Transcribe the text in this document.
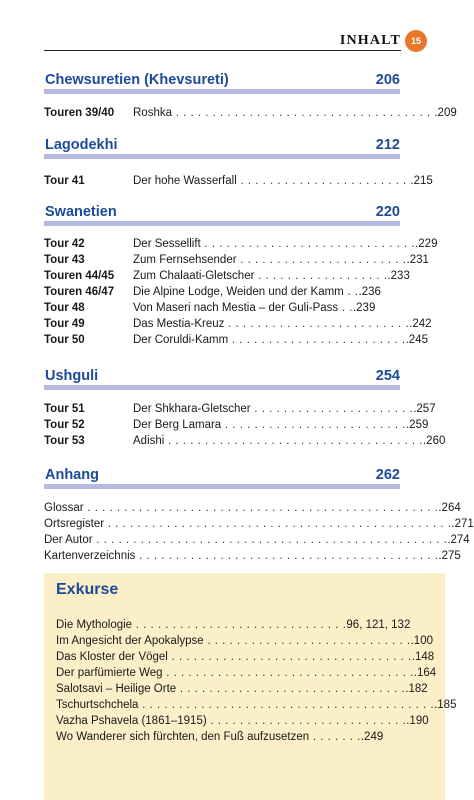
INHALT	15
Chewsuretien (Khevsureti)	206
Touren 39/40 Roshka . . . . . . . . . . . . . . . . . . . . . . . . . . . . . . . . . . . .209
Lagodekhi	212
Tour 41	Der hohe Wasserfall . . . . . . . . . . . . . . . . . . . . . . . .215
Swanetien	220
Tour 42	Der Sessellift . . . . . . . . . . . . . . . . . . . . . . . . . . . . ..229
Tour 43	Zum Fernsehsender . . . . . . . . . . . . . . . . . . . . . . ..231
Touren 44/45 Zum Chalaati-Gletscher . . . . . . . . . . . . . . . . . ..233
Touren 46/47 Die Alpine Lodge, Weiden und der Kamm . ..236
Tour 48	Von Maseri nach Mestia – der Guli-Pass . ..239
Tour 49	Das Mestia-Kreuz . . . . . . . . . . . . . . . . . . . . . . . . ..242
Tour 50	Der Coruldi-Kamm . . . . . . . . . . . . . . . . . . . . . . . ..245
Ushguli	254
Tour 51	Der Shkhara-Gletscher . . . . . . . . . . . . . . . . . . . . . ..257
Tour 52	Der Berg Lamara . . . . . . . . . . . . . . . . . . . . . . . . ..259
Tour 53	Adishi . . . . . . . . . . . . . . . . . . . . . . . . . . . . . . . . . . ..260
Anhang	262
Glossar . . . . . . . . . . . . . . . . . . . . . . . . . . . . . . . . . . . . . . . . . . . . . . . ..264
Ortsregister . . . . . . . . . . . . . . . . . . . . . . . . . . . . . . . . . . . . . . . . . . . . . . ..271
Der Autor . . . . . . . . . . . . . . . . . . . . . . . . . . . . . . . . . . . . . . . . . . . . . . . ..274
Kartenverzeichnis . . . . . . . . . . . . . . . . . . . . . . . . . . . . . . . . . . . . . . . . ..275
Exkurse
Die Mythologie . . . . . . . . . . . . . . . . . . . . . . . . . . . . .96, 121, 132
Im Angesicht der Apokalypse . . . . . . . . . . . . . . . . . . . . . . . . . . . ..100
Das Kloster der Vögel . . . . . . . . . . . . . . . . . . . . . . . . . . . . . . . . ..148
Der parfümierte Weg . . . . . . . . . . . . . . . . . . . . . . . . . . . . . . . . . ..164
Salotsavi – Heilige Orte . . . . . . . . . . . . . . . . . . . . . . . . . . . . . . ..182
Tschurtschchela . . . . . . . . . . . . . . . . . . . . . . . . . . . . . . . . . . . . . . . ..185
Vazha Pshavela (1861–1915) . . . . . . . . . . . . . . . . . . . . . . . . . . ..190
Wo Wanderer sich fürchten, den Fuß aufzusetzen . . . . . . ..249
